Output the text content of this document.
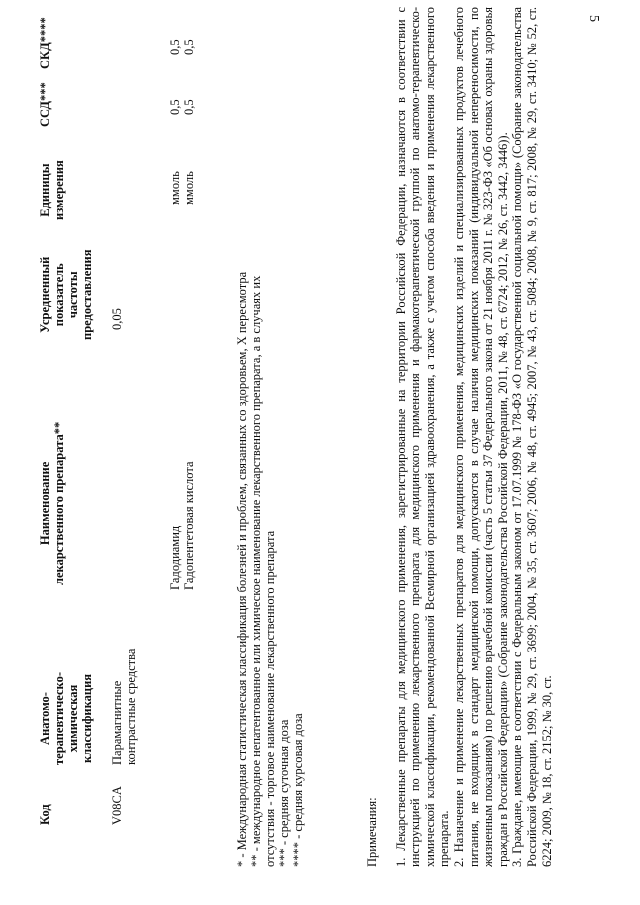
5
Код
Анатомо- терапевтическо- химическая классификация
Наименование лекарственного препарата**
Усредненный показатель частоты предоставления
Единицы измерения
ССД***
СКД****
V08CA
Парамагнитные контрастные средства
0,05
Гадодиамид
ммоль
0,5
0,5
Гадопентетовая кислота
ммоль
0,5
0,5
* - Международная статистическая классификация болезней и проблем, связанных со здоровьем, X пересмотра ** - международное непатентованное или химическое наименование лекарственного препарата, а в случаях их отсутствия - торговое наименование лекарственного препарата *** - средняя суточная доза **** - средняя курсовая доза	Примечания: 1. Лекарственные препараты для медицинского применения, зарегистрированные на территории Российской Федерации, назначаются в соответствии с инструкцией по применению лекарственного препарата для медицинского применения и фармакотерапевтической группой по анатомо-терапевтическо-химической классификации, рекомендованной Всемирной организацией здравоохранения, а также с учетом способа введения и применения лекарственного препарата. 2. Назначение и применение лекарственных препаратов для медицинского применения, медицинских изделий и специализированных продуктов лечебного питания, не входящих в стандарт медицинской помощи, допускаются в случае наличия медицинских показаний (индивидуальной непереносимости, по жизненным показаниям) по решению врачебной комиссии (часть 5 статьи 37 Федерального закона от 21 ноября 2011 г. № 323-ФЗ «Об основах охраны здоровья граждан в Российской Федерации» (Собрание законодательства Российской Федерации, 2011, № 48, ст. 6724; 2012, № 26, ст. 3442, 3446)). 3. Граждане, имеющие в соответствии с Федеральным законом от 17.07.1999 № 178-ФЗ «О государственной социальной помощи» (Собрание законодательства Российской Федерации, 1999, № 29, ст. 3699; 2004, № 35, ст. 3607; 2006, № 48, ст. 4945; 2007, № 43, ст. 5084; 2008, № 9, ст. 817; 2008, № 29, ст. 3410; № 52, ст. 6224; 2009, № 18, ст. 2152; № 30, ст.
